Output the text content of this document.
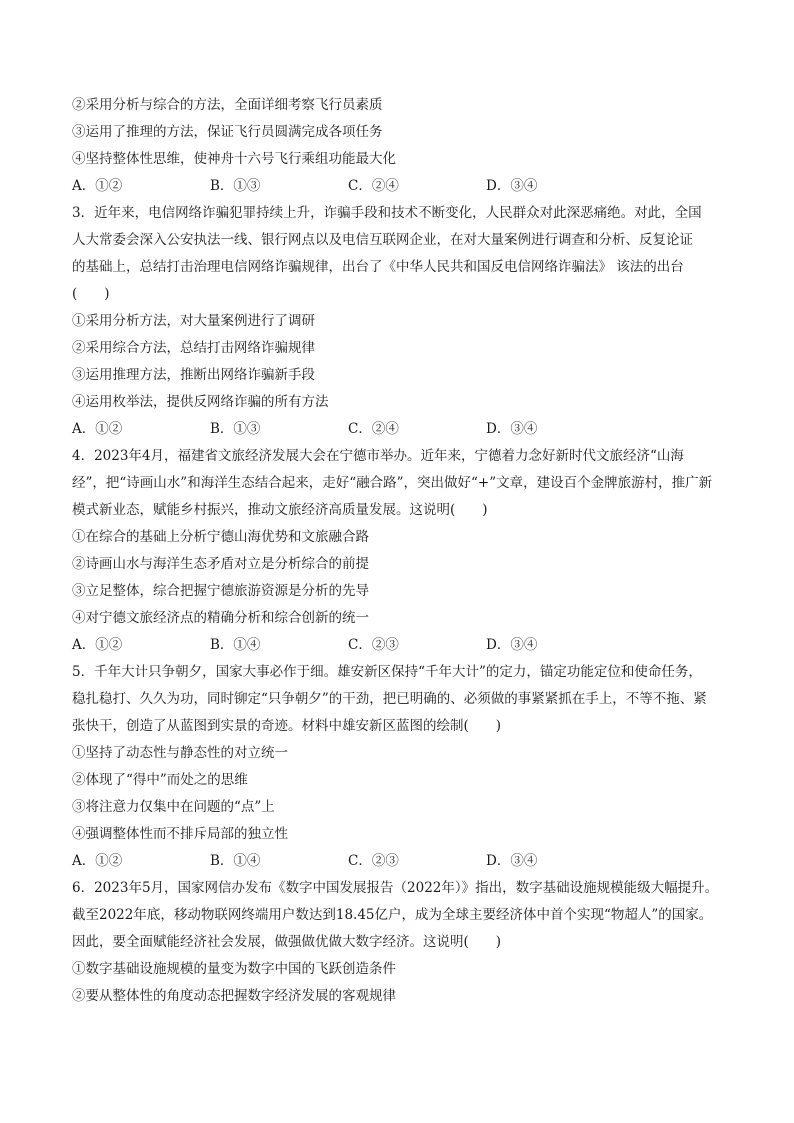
②采用分析与综合的方法，全面详细考察飞行员素质
③运用了推理的方法，保证飞行员圆满完成各项任务
④坚持整体性思维，使神舟十六号飞行乘组功能最大化
A．①②	B．①③	C．②④	D．③④
3．近年来，电信网络诈骗犯罪持续上升，诈骗手段和技术不断变化，人民群众对此深恶痛绝。对此，全国
人大常委会深入公安执法一线、银行网点以及电信互联网企业，在对大量案例进行调查和分析、反复论证
的基础上，总结打击治理电信网络诈骗规律，出台了《中华人民共和国反电信网络诈骗法》 该法的出台
(　　)
①采用分析方法，对大量案例进行了调研
②采用综合方法，总结打击网络诈骗规律
③运用推理方法，推断出网络诈骗新手段
④运用枚举法，提供反网络诈骗的所有方法
A．①②	B．①③	C．②④	D．③④
4．2023年4月，福建省文旅经济发展大会在宁德市举办。近年来，宁德着力念好新时代文旅经济“山海
经”，把“诗画山水”和海洋生态结合起来，走好“融合路”，突出做好“+”文章，建设百个金牌旅游村，推广新
模式新业态，赋能乡村振兴，推动文旅经济高质量发展。这说明(　　)
①在综合的基础上分析宁德山海优势和文旅融合路
②诗画山水与海洋生态矛盾对立是分析综合的前提
③立足整体，综合把握宁德旅游资源是分析的先导
④对宁德文旅经济点的精确分析和综合创新的统一
A．①②	B．①④	C．②③	D．③④
5．千年大计只争朝夕，国家大事必作于细。雄安新区保持“千年大计”的定力，锚定功能定位和使命任务，
稳扎稳打、久久为功，同时铆定“只争朝夕”的干劲，把已明确的、必须做的事紧紧抓在手上，不等不拖、紧
张快干，创造了从蓝图到实景的奇迹。材料中雄安新区蓝图的绘制(　　)
①坚持了动态性与静态性的对立统一
②体现了“得中”而处之的思维
③将注意力仅集中在问题的“点”上
④强调整体性而不排斥局部的独立性
A．①②	B．①④	C．②③	D．③④
6．2023年5月，国家网信办发布《数字中国发展报告（2022年）》指出，数字基础设施规模能级大幅提升。
截至2022年底，移动物联网终端用户数达到18.45亿户，成为全球主要经济体中首个实现“物超人”的国家。
因此，要全面赋能经济社会发展，做强做优做大数字经济。这说明(　　)
①数字基础设施规模的量变为数字中国的飞跃创造条件
②要从整体性的角度动态把握数字经济发展的客观规律
